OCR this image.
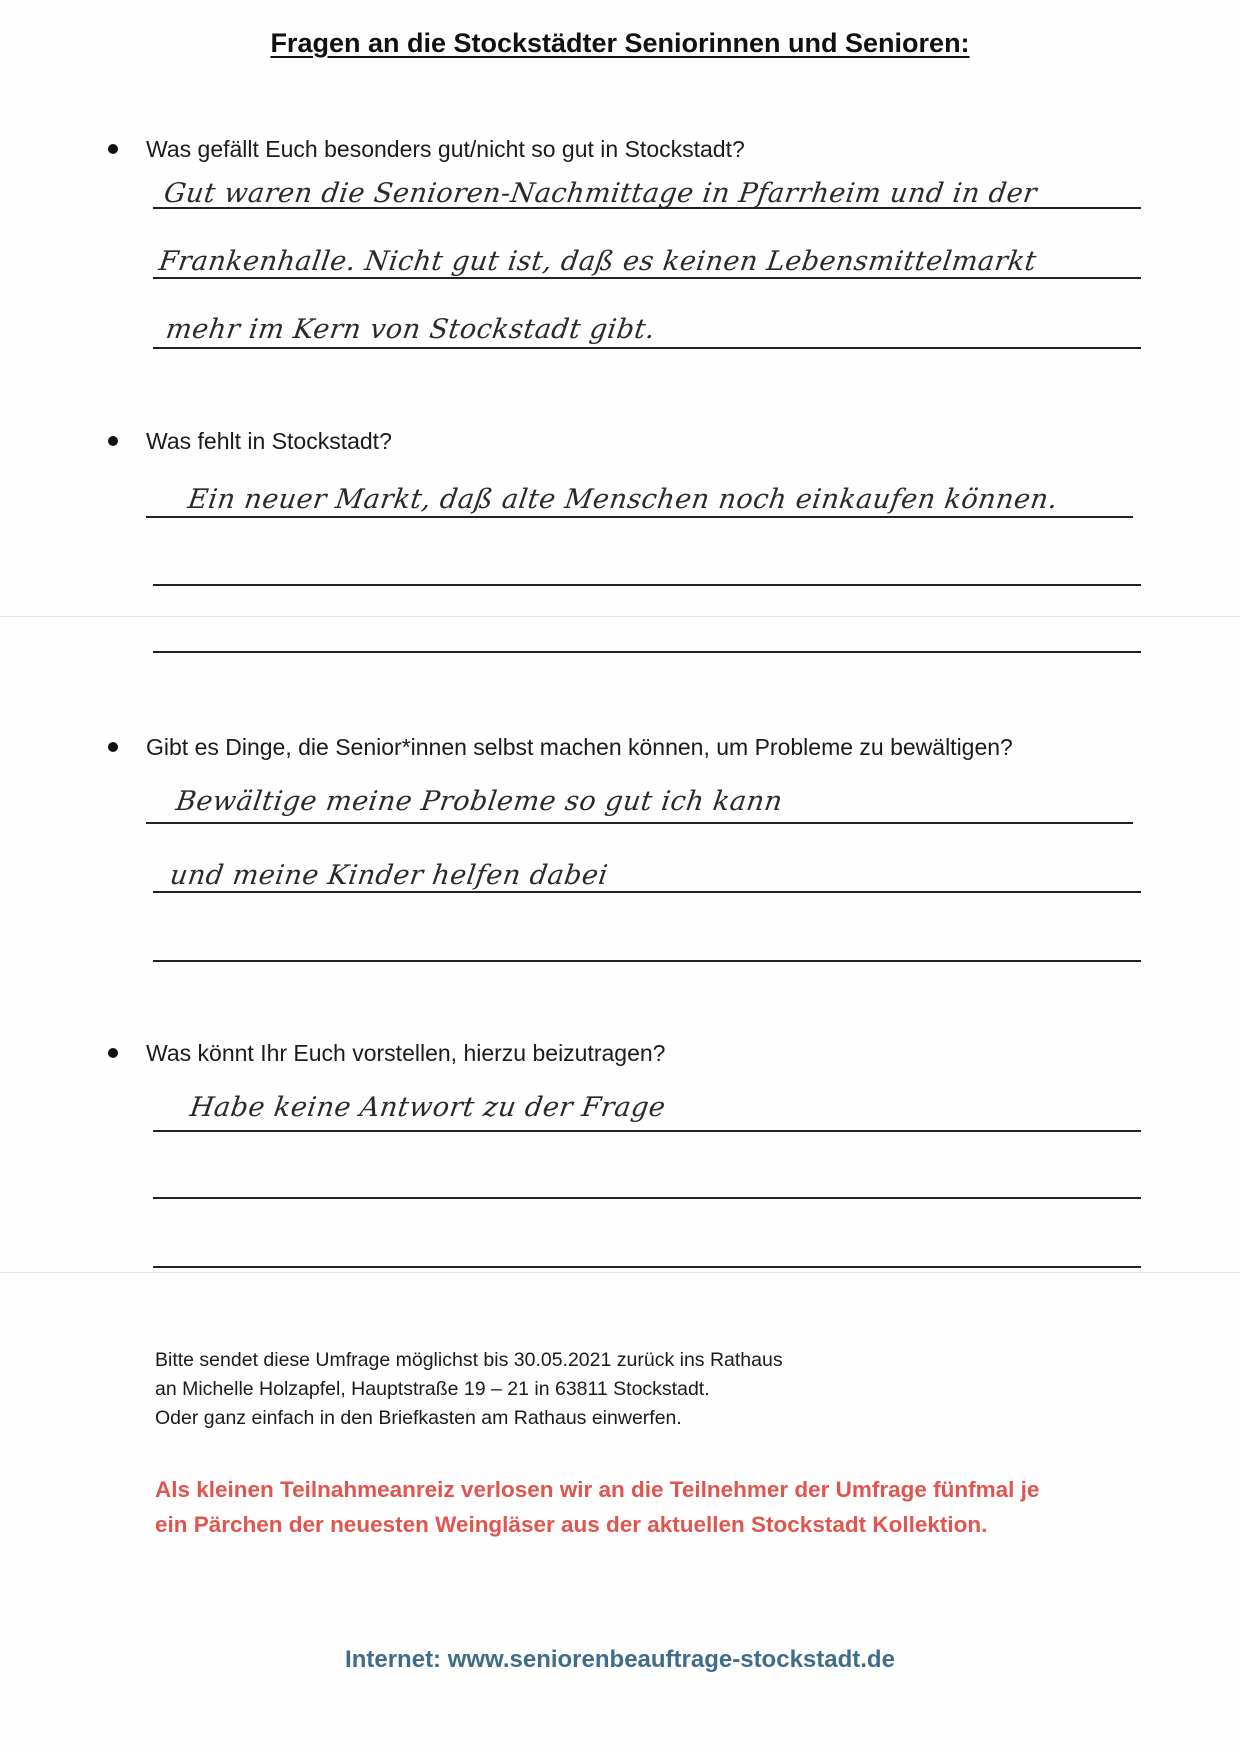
Fragen an die Stockstädter Seniorinnen und Senioren:
Was gefällt Euch besonders gut/nicht so gut in Stockstadt?
Gut waren die Senioren-Nachmittage in Pfarrheim und in der
Frankenhalle. Nicht gut ist, daß es keinen Lebensmittelmarkt
mehr im Kern von Stockstadt gibt.
Was fehlt in Stockstadt?
Ein neuer Markt, daß alte Menschen noch einkaufen können.
Gibt es Dinge, die Senior*innen selbst machen können, um Probleme zu bewältigen?
Bewältige meine Probleme so gut ich kann
und meine Kinder helfen dabei
Was könnt Ihr Euch vorstellen, hierzu beizutragen?
Habe keine Antwort zu der Frage
Bitte sendet diese Umfrage möglichst bis 30.05.2021 zurück ins Rathaus
an Michelle Holzapfel, Hauptstraße 19 – 21 in 63811 Stockstadt.
Oder ganz einfach in den Briefkasten am Rathaus einwerfen.
Als kleinen Teilnahmeanreiz verlosen wir an die Teilnehmer der Umfrage fünfmal je
ein Pärchen der neuesten Weingläser aus der aktuellen Stockstadt Kollektion.
Internet: www.seniorenbeauftrage-stockstadt.de
